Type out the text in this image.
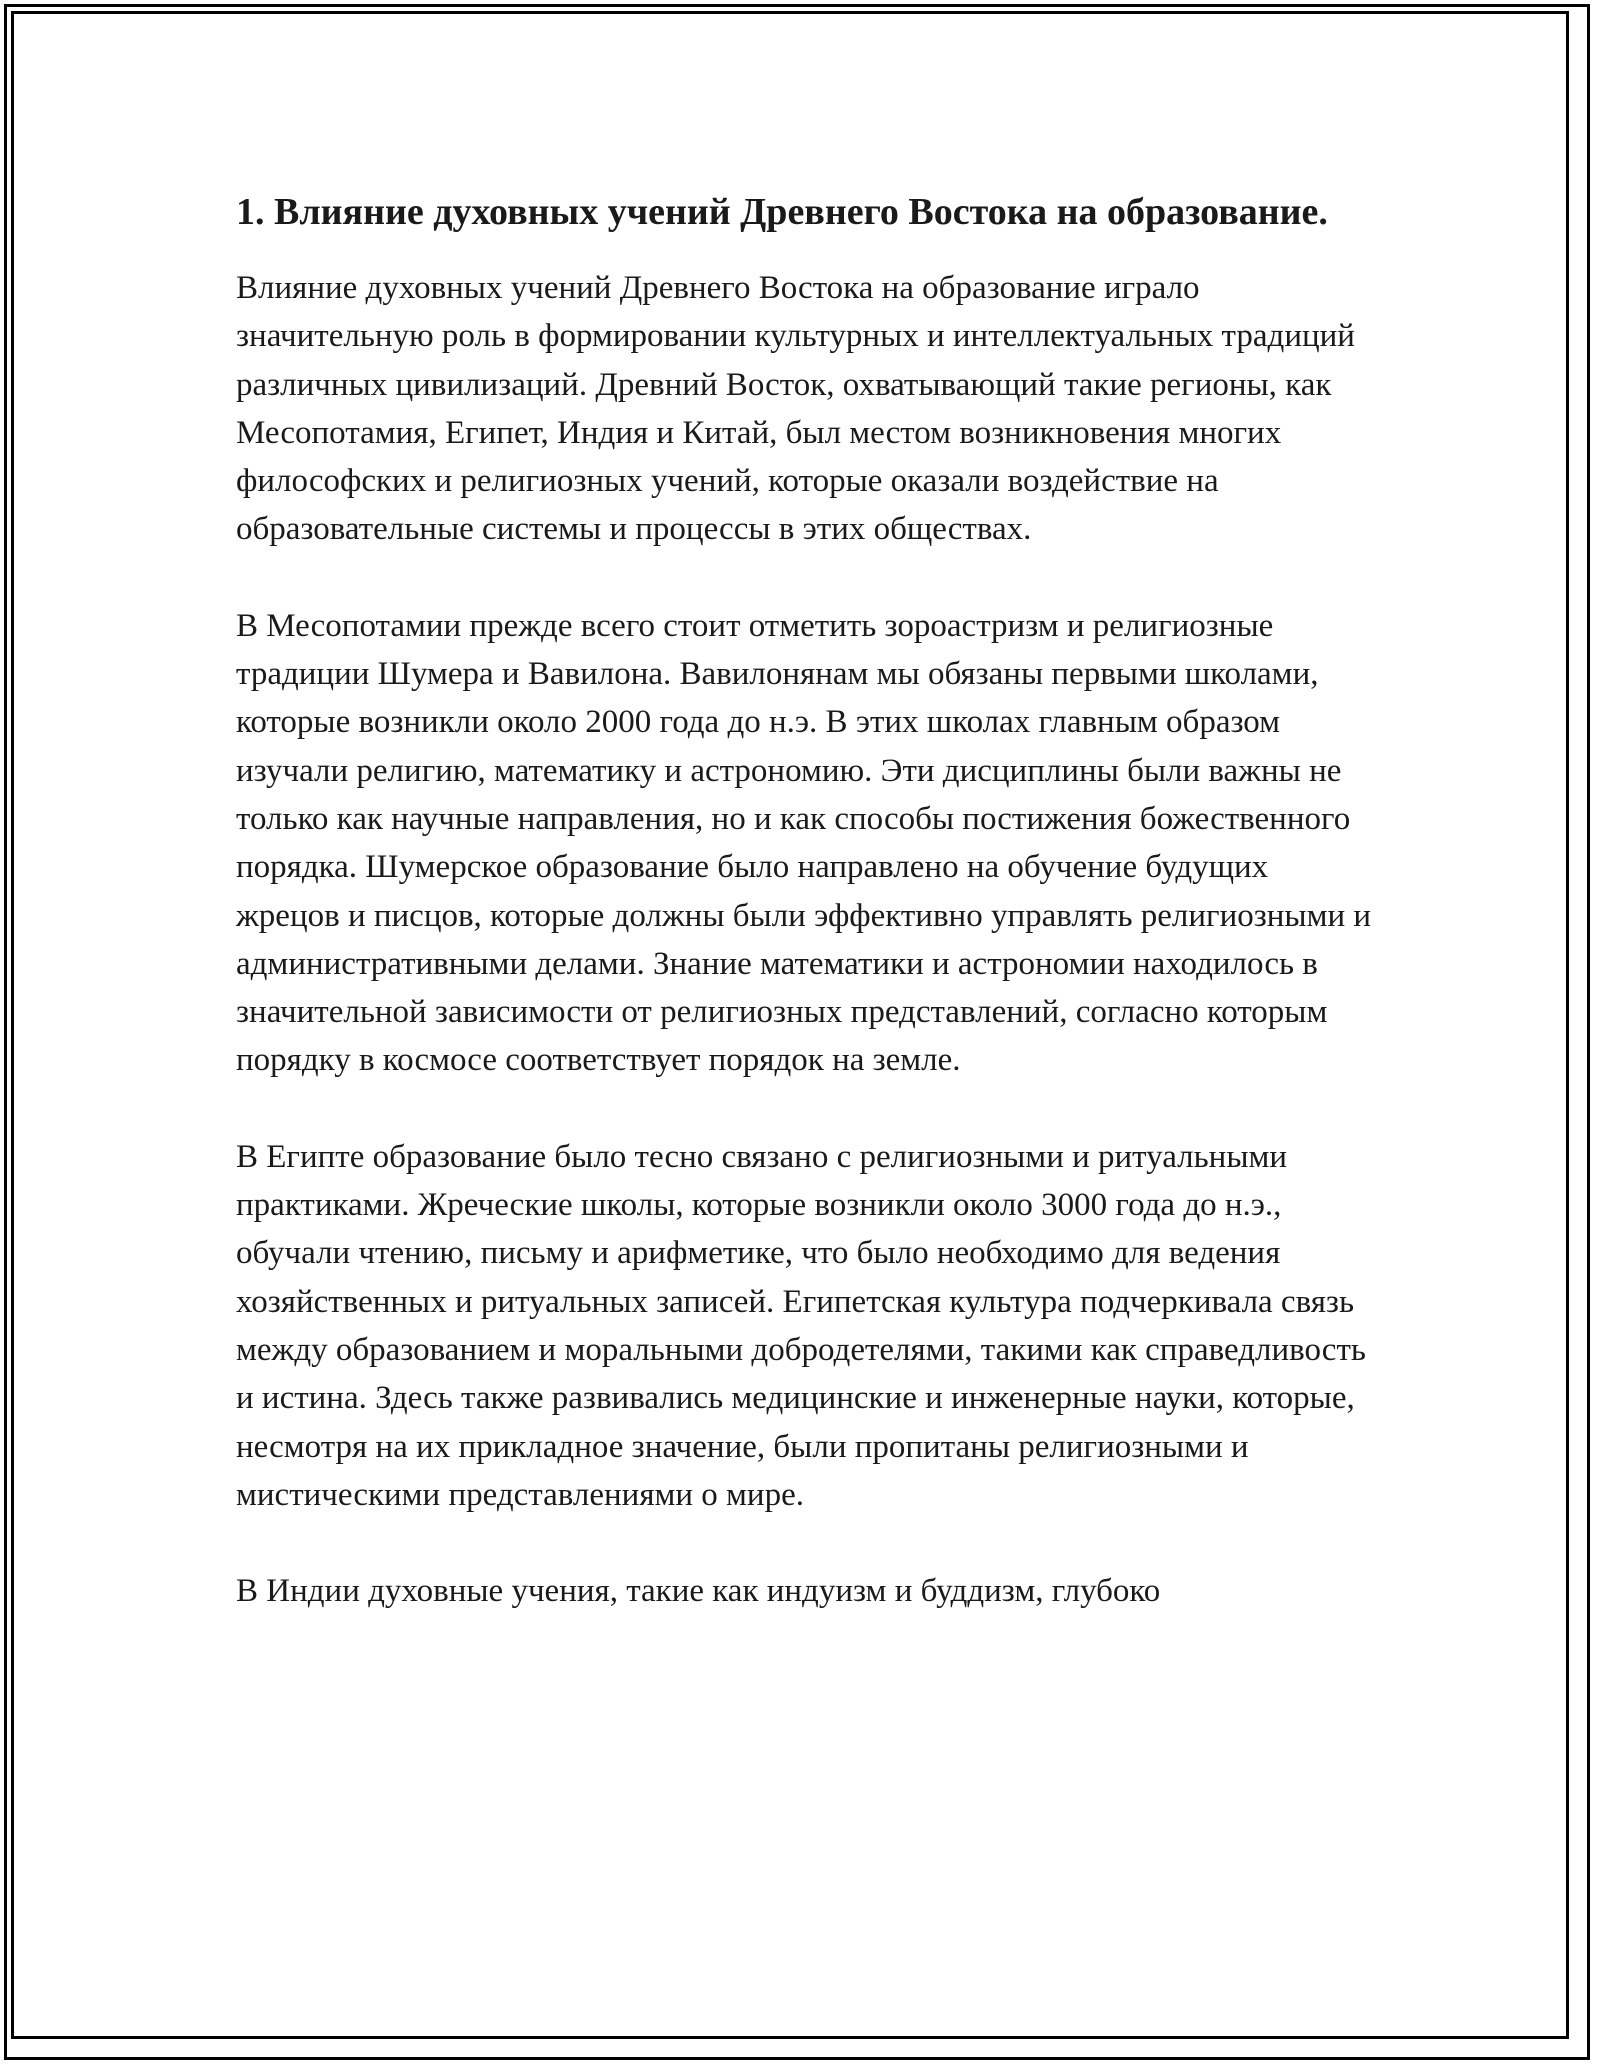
1. Влияние духовных учений Древнего Востока на образование.

Влияние духовных учений Древнего Востока на образование играло значительную роль в формировании культурных и интеллектуальных традиций различных цивилизаций. Древний Восток, охватывающий такие регионы, как Месопотамия, Египет, Индия и Китай, был местом возникновения многих философских и религиозных учений, которые оказали воздействие на образовательные системы и процессы в этих обществах.

В Месопотамии прежде всего стоит отметить зороастризм и религиозные традиции Шумера и Вавилона. Вавилонянам мы обязаны первыми школами, которые возникли около 2000 года до н.э. В этих школах главным образом изучали религию, математику и астрономию. Эти дисциплины были важны не только как научные направления, но и как способы постижения божественного порядка. Шумерское образование было направлено на обучение будущих жрецов и писцов, которые должны были эффективно управлять религиозными и административными делами. Знание математики и астрономии находилось в значительной зависимости от религиозных представлений, согласно которым порядку в космосе соответствует порядок на земле.

В Египте образование было тесно связано с религиозными и ритуальными практиками. Жреческие школы, которые возникли около 3000 года до н.э., обучали чтению, письму и арифметике, что было необходимо для ведения хозяйственных и ритуальных записей. Египетская культура подчеркивала связь между образованием и моральными добродетелями, такими как справедливость и истина. Здесь также развивались медицинские и инженерные науки, которые, несмотря на их прикладное значение, были пропитаны религиозными и мистическими представлениями о мире.

В Индии духовные учения, такие как индуизм и буддизм, глубоко
